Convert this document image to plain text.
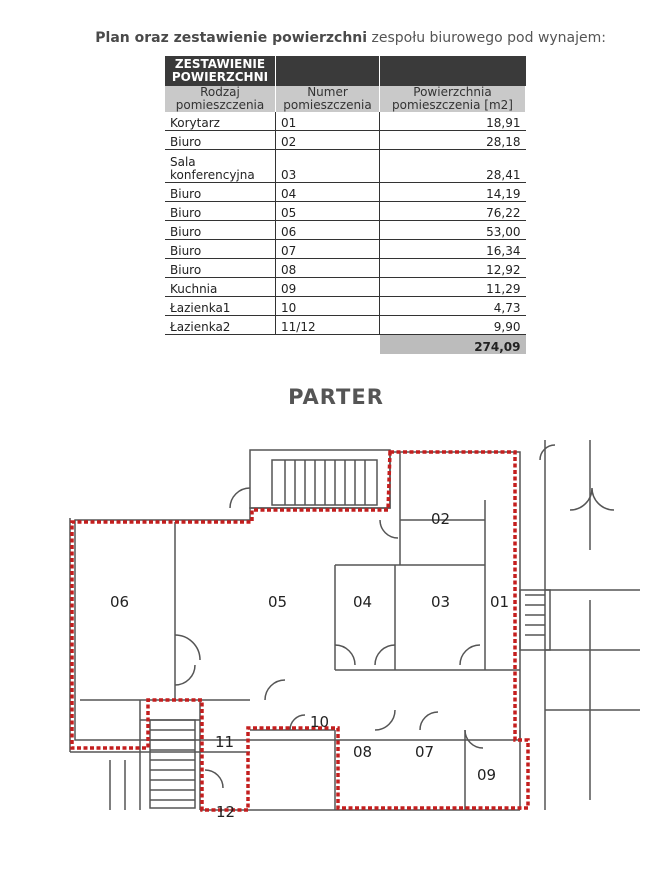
Plan oraz zestawienie powierzchni zespołu biurowego pod wynajem:
ZESTAWIENIE
POWIERZCHNI		
Rodzaj
pomieszczenia	Numer
pomieszczenia	Powierzchnia
pomieszczenia [m2]
Korytarz	01	18,91
Biuro	02	28,18
Sala
konferencyjna	03	28,41
Biuro	04	14,19
Biuro	05	76,22
Biuro	06	53,00
Biuro	07	16,34
Biuro	08	12,92
Kuchnia	09	11,29
Łazienka1	10	4,73
Łazienka2	11/12	9,90
		274,09
PARTER
06	05	04	03	01
02
10
11
08	07
09
12
